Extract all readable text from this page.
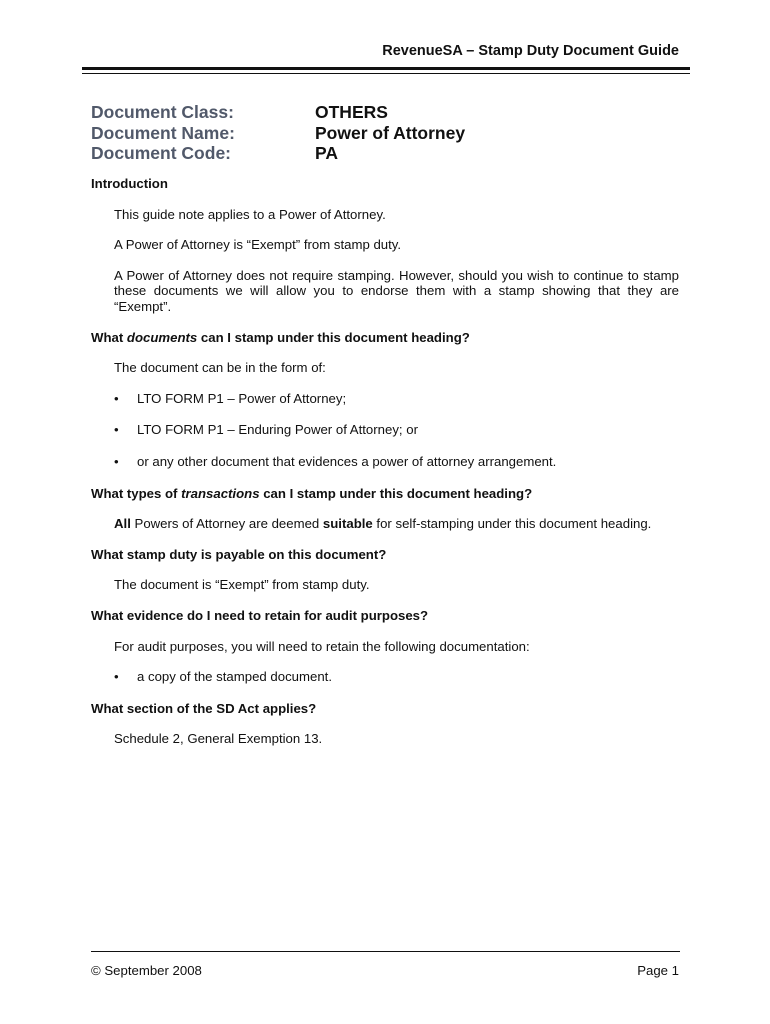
RevenueSA – Stamp Duty Document Guide
Document Class:	OTHERS
Document Name:	Power of Attorney
Document Code:	PA
Introduction
This guide note applies to a Power of Attorney.
A Power of Attorney is “Exempt” from stamp duty.
A Power of Attorney does not require stamping. However, should you wish to continue to stamp these documents we will allow you to endorse them with a stamp showing that they are “Exempt”.
What documents can I stamp under this document heading?
The document can be in the form of:
• LTO FORM P1 – Power of Attorney;
• LTO FORM P1 – Enduring Power of Attorney; or
• or any other document that evidences a power of attorney arrangement.
What types of transactions can I stamp under this document heading?
All Powers of Attorney are deemed suitable for self-stamping under this document heading.
What stamp duty is payable on this document?
The document is “Exempt” from stamp duty.
What evidence do I need to retain for audit purposes?
For audit purposes, you will need to retain the following documentation:
• a copy of the stamped document.
What section of the SD Act applies?
Schedule 2, General Exemption 13.
© September 2008	Page 1
